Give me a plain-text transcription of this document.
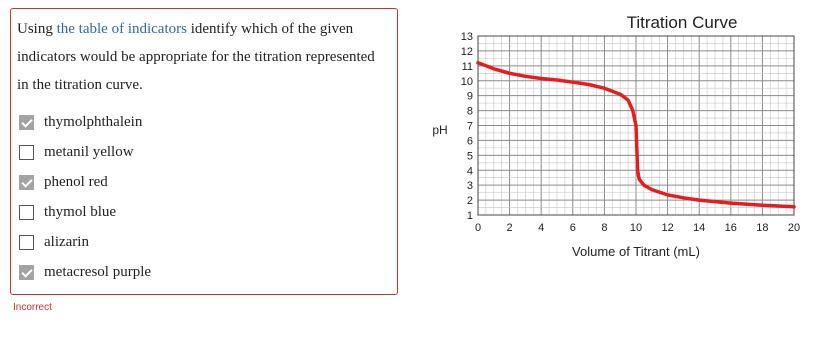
Using the table of indicators identify which of the given indicators would be appropriate for the titration represented in the titration curve.
thymolphthalein
metanil yellow
phenol red
thymol blue
alizarin
metacresol purple
Incorrect
Titration Curve
0 2 4 6 8 10 12 14 16 18 20
1
2
3
4
5
6
7
8
9
10
11
12
13
pH
Volume of Titrant (mL)
